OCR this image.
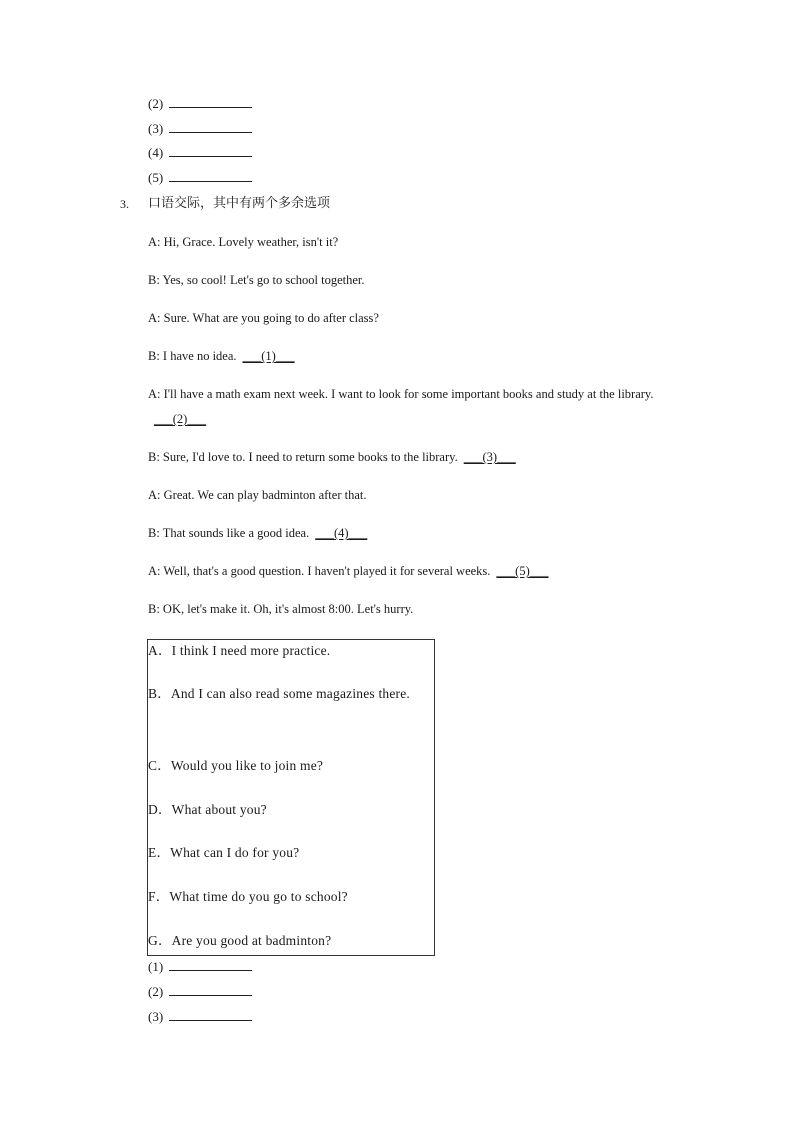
(2)
(3)
(4)
(5)
3. 口语交际，其中有两个多余选项
A: Hi, Grace. Lovely weather, isn't it?
B: Yes, so cool! Let's go to school together.
A: Sure. What are you going to do after class?
B: I have no idea. ___(1)___
A: I'll have a math exam next week. I want to look for some important books and study at the library.___(2)___
B: Sure, I'd love to. I need to return some books to the library. ___(3)___
A: Great. We can play badminton after that.
B: That sounds like a good idea. ___(4)___
A: Well, that's a good question. I haven't played it for several weeks. ___(5)___
B: OK, let's make it. Oh, it's almost 8:00. Let's hurry.
A．I think I need more practice.
B．And I can also read some magazines there.
C．Would you like to join me?
D．What about you?
E．What can I do for you?
F．What time do you go to school?
G．Are you good at badminton?
(1)
(2)
(3)
